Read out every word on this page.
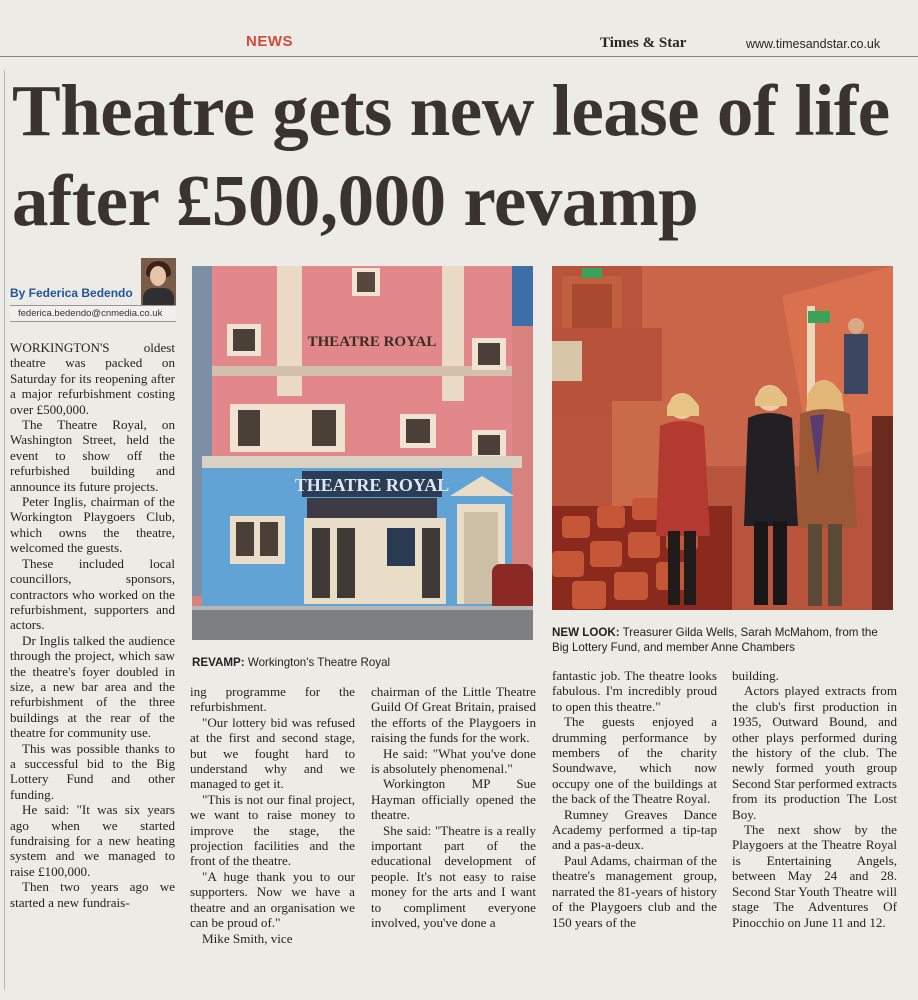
NEWS	Times & Star	www.timesandstar.co.uk
Theatre gets new lease of life after £500,000 revamp
By Federica Bedendo
federica.bedendo@cnmedia.co.uk

WORKINGTON'S oldest theatre was packed on Saturday for its reopening after a major refurbishment costing over £500,000.

The Theatre Royal, on Washington Street, held the event to show off the refurbished building and announce its future projects.

Peter Inglis, chairman of the Workington Playgoers Club, which owns the theatre, welcomed the guests.

These included local councillors, sponsors, contractors who worked on the refurbishment, supporters and actors.

Dr Inglis talked the audience through the project, which saw the theatre's foyer doubled in size, a new bar area and the refurbishment of the three buildings at the rear of the theatre for community use.

This was possible thanks to a successful bid to the Big Lottery Fund and other funding.

He said: "It was six years ago when we started fundraising for a new heating system and we managed to raise £100,000.

Then two years ago we started a new fundrais-

THEATRE ROYAL
THEATRE ROYAL
REVAMP: Workington's Theatre Royal
NEW LOOK: Treasurer Gilda Wells, Sarah McMahom, from the Big Lottery Fund, and member Anne Chambers

ing programme for the refurbishment.

"Our lottery bid was refused at the first and second stage, but we fought hard to understand why and we managed to get it.

"This is not our final project, we want to raise money to improve the stage, the projection facilities and the front of the theatre.

"A huge thank you to our supporters. Now we have a theatre and an organisation we can be proud of."

Mike Smith, vice

chairman of the Little Theatre Guild Of Great Britain, praised the efforts of the Playgoers in raising the funds for the work.

He said: "What you've done is absolutely phenomenal."

Workington MP Sue Hayman officially opened the theatre.

She said: "Theatre is a really important part of the educational development of people. It's not easy to raise money for the arts and I want to compliment everyone involved, you've done a

fantastic job. The theatre looks fabulous. I'm incredibly proud to open this theatre."

The guests enjoyed a drumming performance by members of the charity Soundwave, which now occupy one of the buildings at the back of the Theatre Royal.

Rumney Greaves Dance Academy performed a tip-tap and a pas-a-deux.

Paul Adams, chairman of the theatre's management group, narrated the 81-years of history of the Playgoers club and the 150 years of the

building.

Actors played extracts from the club's first production in 1935, Outward Bound, and other plays performed during the history of the club. The newly formed youth group Second Star performed extracts from its production The Lost Boy.

The next show by the Playgoers at the Theatre Royal is Entertaining Angels, between May 24 and 28. Second Star Youth Theatre will stage The Adventures Of Pinocchio on June 11 and 12.
